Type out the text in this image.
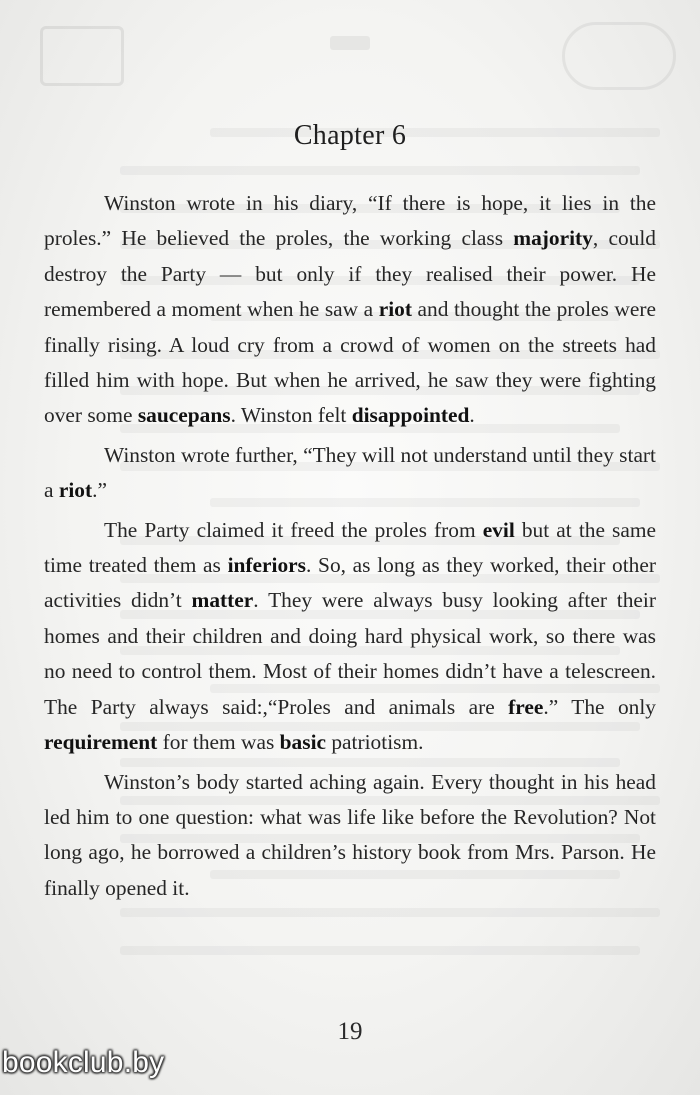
Chapter 6

Winston wrote in his diary, “If there is hope, it lies in the proles.” He believed the proles, the working class majority, could destroy the Party — but only if they realised their power. He remembered a moment when he saw a riot and thought the proles were finally rising. A loud cry from a crowd of women on the streets had filled him with hope. But when he arrived, he saw they were fighting over some saucepans. Winston felt disappointed.

Winston wrote further, “They will not understand until they start a riot.”

The Party claimed it freed the proles from evil but at the same time treated them as inferiors. So, as long as they worked, their other activities didn’t matter. They were always busy looking after their homes and their children and doing hard physical work, so there was no need to control them. Most of their homes didn’t have a telescreen. The Party always said:,“Proles and animals are free.” The only requirement for them was basic patriotism.

Winston’s body started aching again. Every thought in his head led him to one question: what was life like before the Revolution? Not long ago, he borrowed a children’s history book from Mrs. Parson. He finally opened it.

19
bookclub.by
